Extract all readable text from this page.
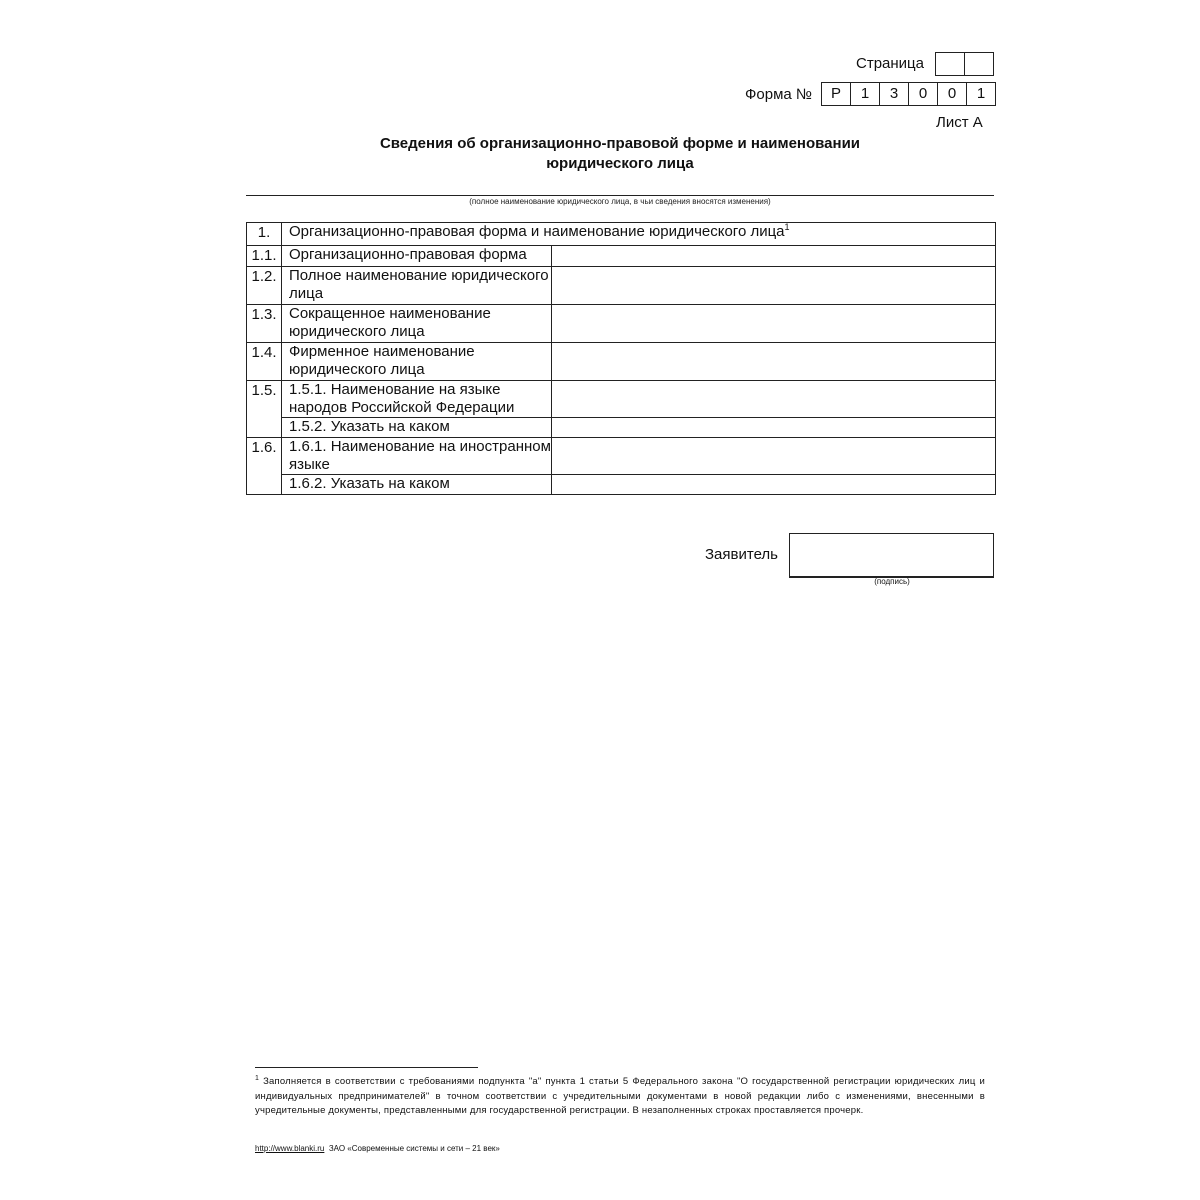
Страница
Форма №	Р	1	3	0	0	1
Лист А
Сведения об организационно-правовой форме и наименовании
юридического лица
(полное наименование юридического лица, в чьи сведения вносятся изменения)
1.	Организационно-правовая форма и наименование юридического лица$^1$
1.1.	Организационно-правовая форма	
1.2.	Полное наименование юридического лица	
1.3.	Сокращенное наименование юридического лица	
1.4.	Фирменное наименование юридического лица	
1.5.	1.5.1. Наименование на языке народов Российской Федерации	
	1.5.2. Указать на каком	
1.6.	1.6.1. Наименование на иностранном языке	
	1.6.2. Указать на каком	
Заявитель
(подпись)
$^1$ Заполняется в соответствии с требованиями подпункта "а" пункта 1 статьи 5 Федерального закона "О государственной регистрации юридических лиц и индивидуальных предпринимателей" в точном соответствии с учредительными документами в новой редакции либо с изменениями, внесенными в учредительные документы, представленными для государственной регистрации. В незаполненных строках проставляется прочерк.
http://www.blanki.ru ЗАО «Современные системы и сети – 21 век»
